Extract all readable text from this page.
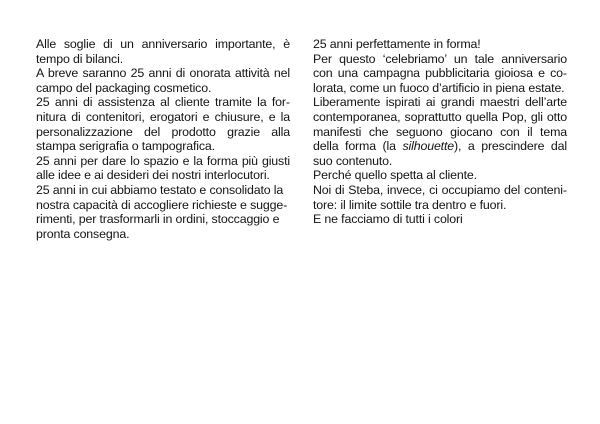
Alle soglie di un anniversario importante, è tempo di bilanci.

A breve saranno 25 anni di onorata attività nel campo del packaging cosmetico.

25 anni di assistenza al cliente tramite la fornitura di contenitori, erogatori e chiusure, e la personalizzazione del prodotto grazie alla stampa serigrafia o tampografica.

25 anni per dare lo spazio e la forma più giusti alle idee e ai desideri dei nostri interlocutori.

25 anni in cui abbiamo testato e consolidato la nostra capacità di accogliere richieste e suggerimenti, per trasformarli in ordini, stoccaggio e pronta consegna.

25 anni perfettamente in forma!

Per questo ‘celebriamo’ un tale anniversario con una campagna pubblicitaria gioiosa e colorata, come un fuoco d’artificio in piena estate.

Liberamente ispirati ai grandi maestri dell’arte contemporanea, soprattutto quella Pop, gli otto manifesti che seguono giocano con il tema della forma (la silhouette), a prescindere dal suo contenuto.

Perché quello spetta al cliente.

Noi di Steba, invece, ci occupiamo del contenitore: il limite sottile tra dentro e fuori.

E ne facciamo di tutti i colori
